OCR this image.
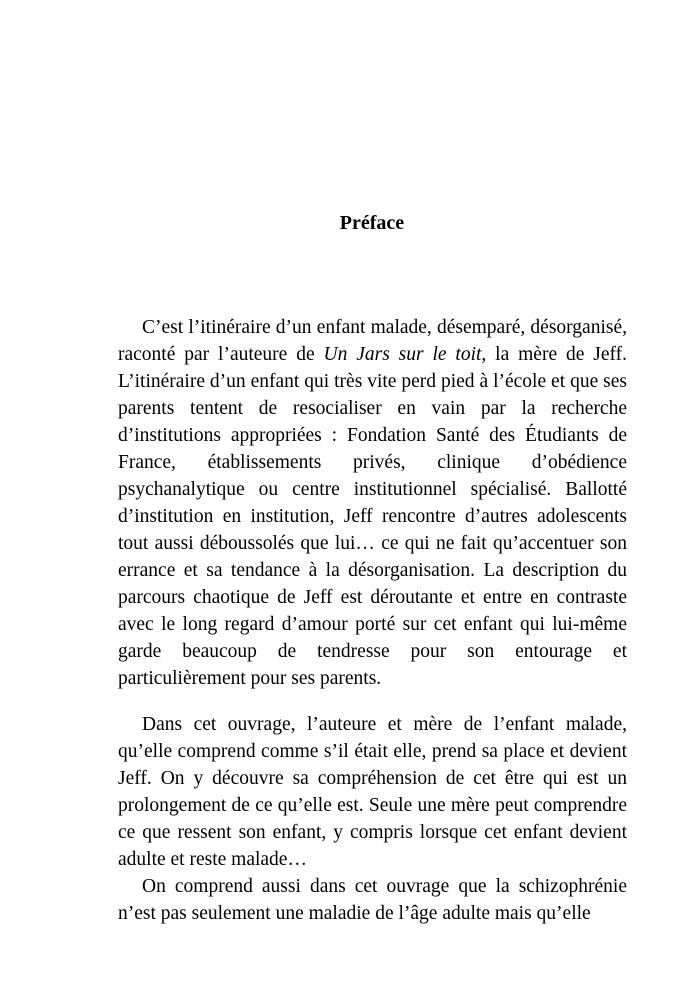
Préface

C’est l’itinéraire d’un enfant malade, désemparé, désorganisé, raconté par l’auteure de Un Jars sur le toit, la mère de Jeff. L’itinéraire d’un enfant qui très vite perd pied à l’école et que ses parents tentent de resocialiser en vain par la recherche d’institutions appropriées : Fondation Santé des Étudiants de France, établissements privés, clinique d’obédience psychanalytique ou centre institutionnel spécialisé. Ballotté d’institution en institution, Jeff rencontre d’autres adolescents tout aussi déboussolés que lui… ce qui ne fait qu’accentuer son errance et sa tendance à la désorganisation. La description du parcours chaotique de Jeff est déroutante et entre en contraste avec le long regard d’amour porté sur cet enfant qui lui-même garde beaucoup de tendresse pour son entourage et particulièrement pour ses parents.

Dans cet ouvrage, l’auteure et mère de l’enfant malade, qu’elle comprend comme s’il était elle, prend sa place et devient Jeff. On y découvre sa compréhension de cet être qui est un prolongement de ce qu’elle est. Seule une mère peut comprendre ce que ressent son enfant, y compris lorsque cet enfant devient adulte et reste malade…

On comprend aussi dans cet ouvrage que la schizophrénie n’est pas seulement une maladie de l’âge adulte mais qu’elle
